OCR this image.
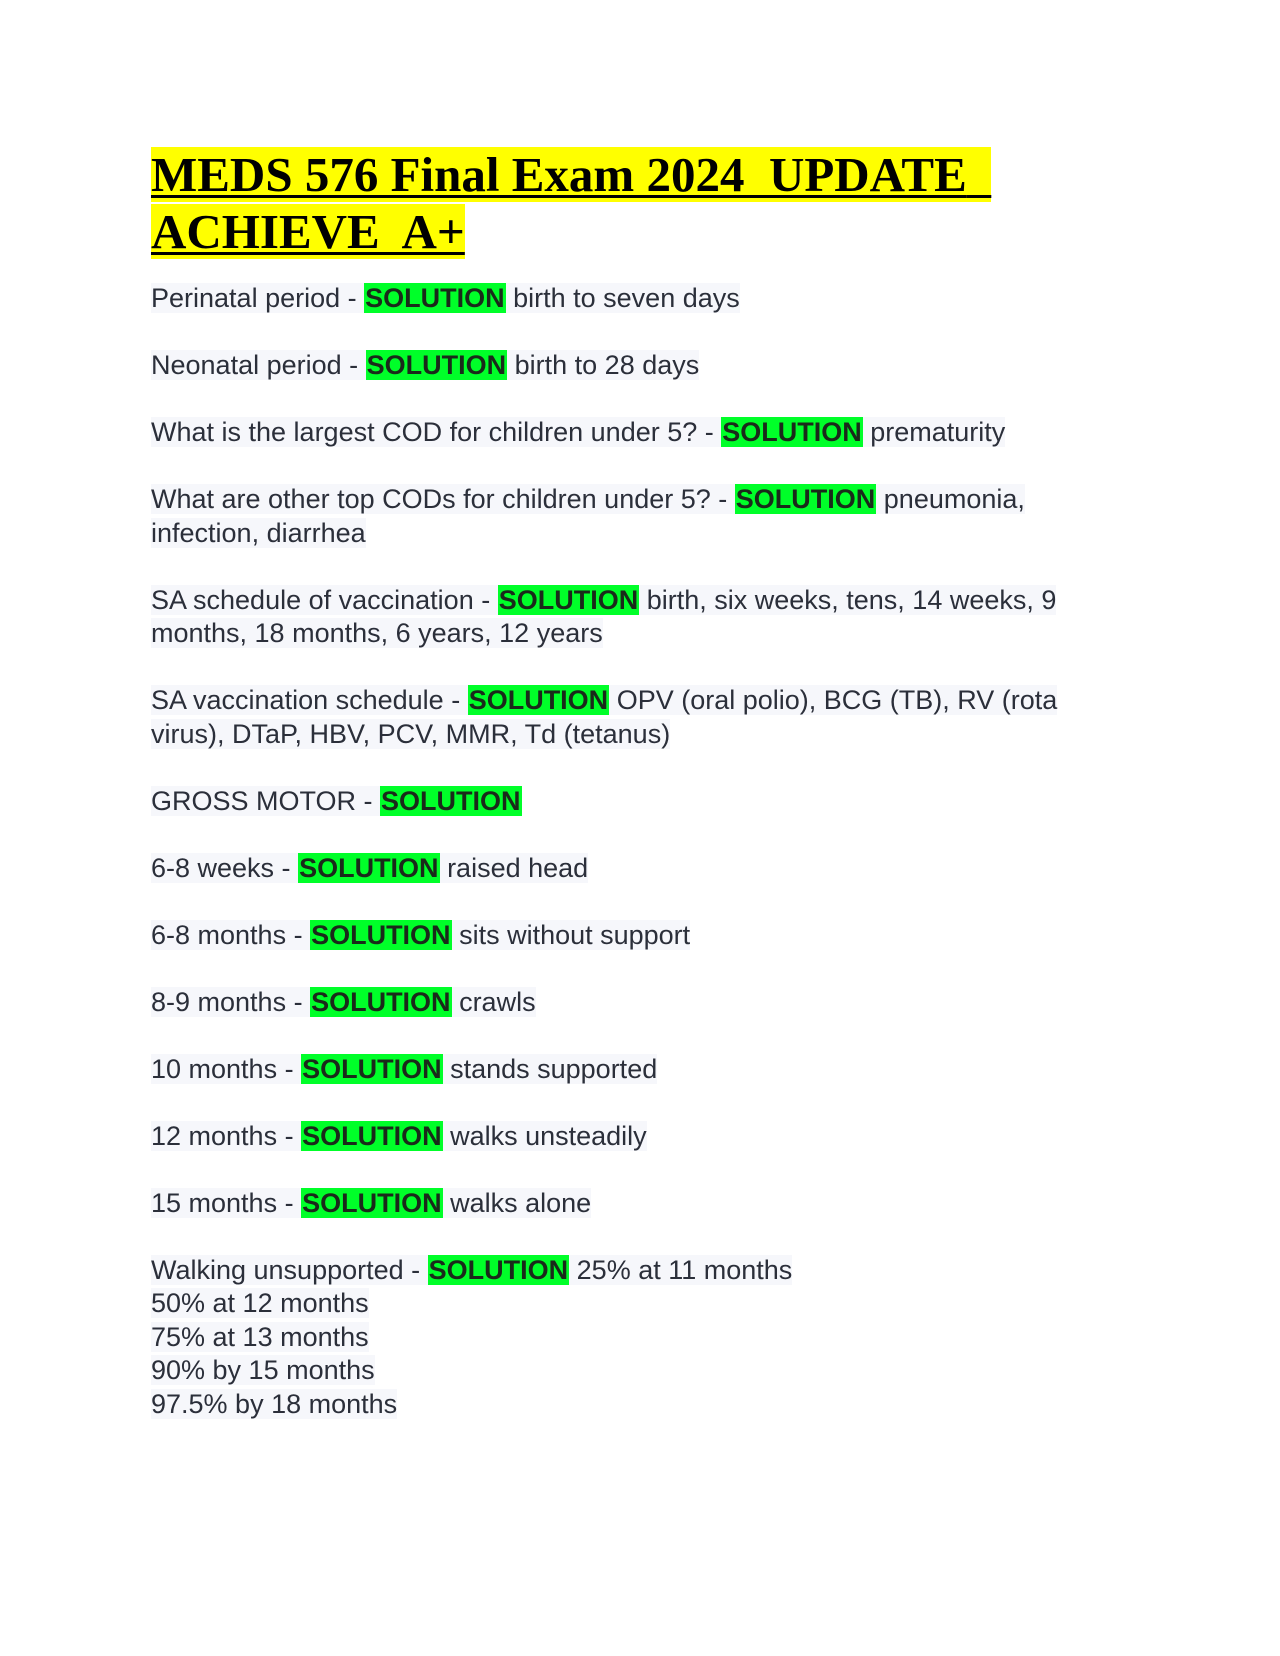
MEDS 576 Final Exam 2024  UPDATE  ACHIEVE  A+

Perinatal period - SOLUTION birth to seven days

Neonatal period - SOLUTION birth to 28 days

What is the largest COD for children under 5? - SOLUTION prematurity

What are other top CODs for children under 5? - SOLUTION pneumonia, infection, diarrhea

SA schedule of vaccination - SOLUTION birth, six weeks, tens, 14 weeks, 9 months, 18 months, 6 years, 12 years

SA vaccination schedule - SOLUTION OPV (oral polio), BCG (TB), RV (rota virus), DTaP, HBV, PCV, MMR, Td (tetanus)

GROSS MOTOR - SOLUTION

6-8 weeks - SOLUTION raised head

6-8 months - SOLUTION sits without support

8-9 months - SOLUTION crawls

10 months - SOLUTION stands supported

12 months - SOLUTION walks unsteadily

15 months - SOLUTION walks alone

Walking unsupported - SOLUTION 25% at 11 months
50% at 12 months
75% at 13 months
90% by 15 months
97.5% by 18 months
